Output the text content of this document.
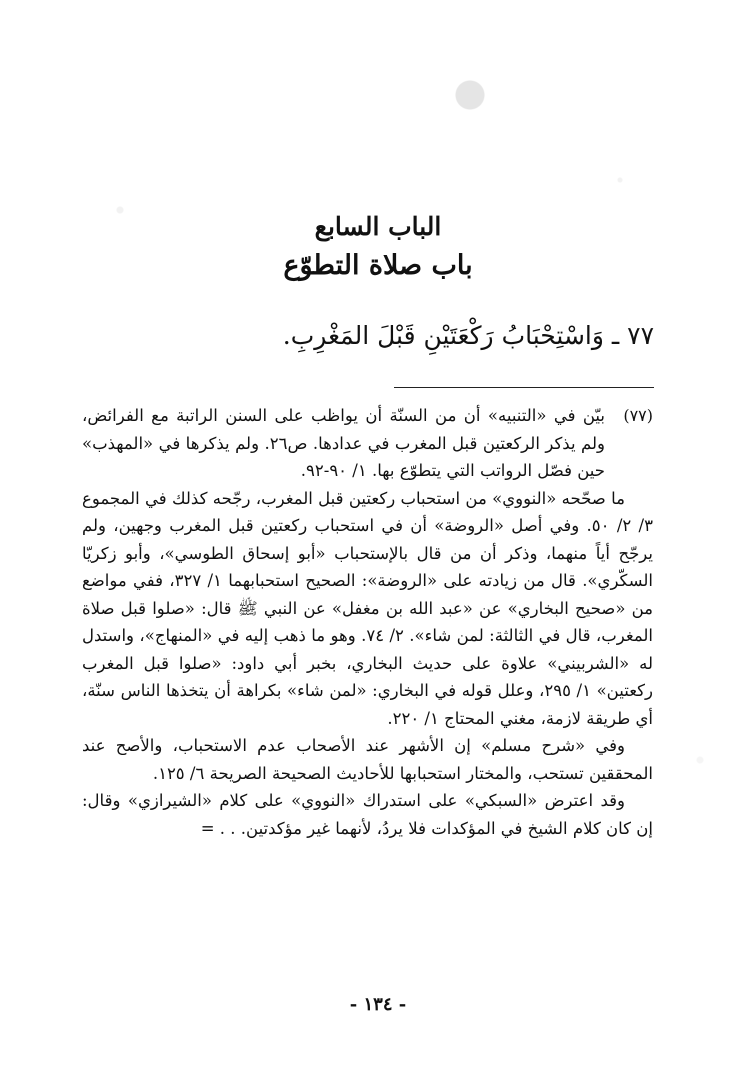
الباب السابع
باب صلاة التطوّع
٧٧ ـ وَاسْتِحْبَابُ رَكْعَتَيْنِ قَبْلَ المَغْرِبِ.
(٧٧)

بيّن في «التنبيه» أن من السنّة أن يواظب على السنن الراتبة مع الفرائض، ولم يذكر الركعتين قبل المغرب في عدادها. ص٢٦. ولم يذكرها في «المهذب» حين فصّل الرواتب التي يتطوّع بها. ١/ ٩٠-٩٢.

ما صحّحه «النووي» من استحباب ركعتين قبل المغرب، رجّحه كذلك في المجموع ٣/ ٢/ ٥٠. وفي أصل «الروضة» أن في استحباب ركعتين قبل المغرب وجهين، ولم يرجّح أياً منهما، وذكر أن من قال بالإستحباب «أبو إسحاق الطوسي»، وأبو زكريّا السكّري». قال من زيادته على «الروضة»: الصحيح استحبابهما ١/ ٣٢٧، ففي مواضع من «صحيح البخاري» عن «عبد الله بن مغفل» عن النبي ﷺ قال: «صلوا قبل صلاة المغرب، قال في الثالثة: لمن شاء». ٢/ ٧٤. وهو ما ذهب إليه في «المنهاج»، واستدل له «الشربيني» علاوة على حديث البخاري، بخبر أبي داود: «صلوا قبل المغرب ركعتين» ١/ ٢٩٥، وعلل قوله في البخاري: «لمن شاء» بكراهة أن يتخذها الناس سنّة، أي طريقة لازمة، مغني المحتاج ١/ ٢٢٠.

وفي «شرح مسلم» إن الأشهر عند الأصحاب عدم الاستحباب، والأصح عند المحققين تستحب، والمختار استحبابها للأحاديث الصحيحة الصريحة ٦/ ١٢٥.

وقد اعترض «السبكي» على استدراك «النووي» على كلام «الشيرازي» وقال: إن كان كلام الشيخ في المؤكدات فلا يردُ، لأنهما غير مؤكدتين. . . =

- ١٣٤ -
